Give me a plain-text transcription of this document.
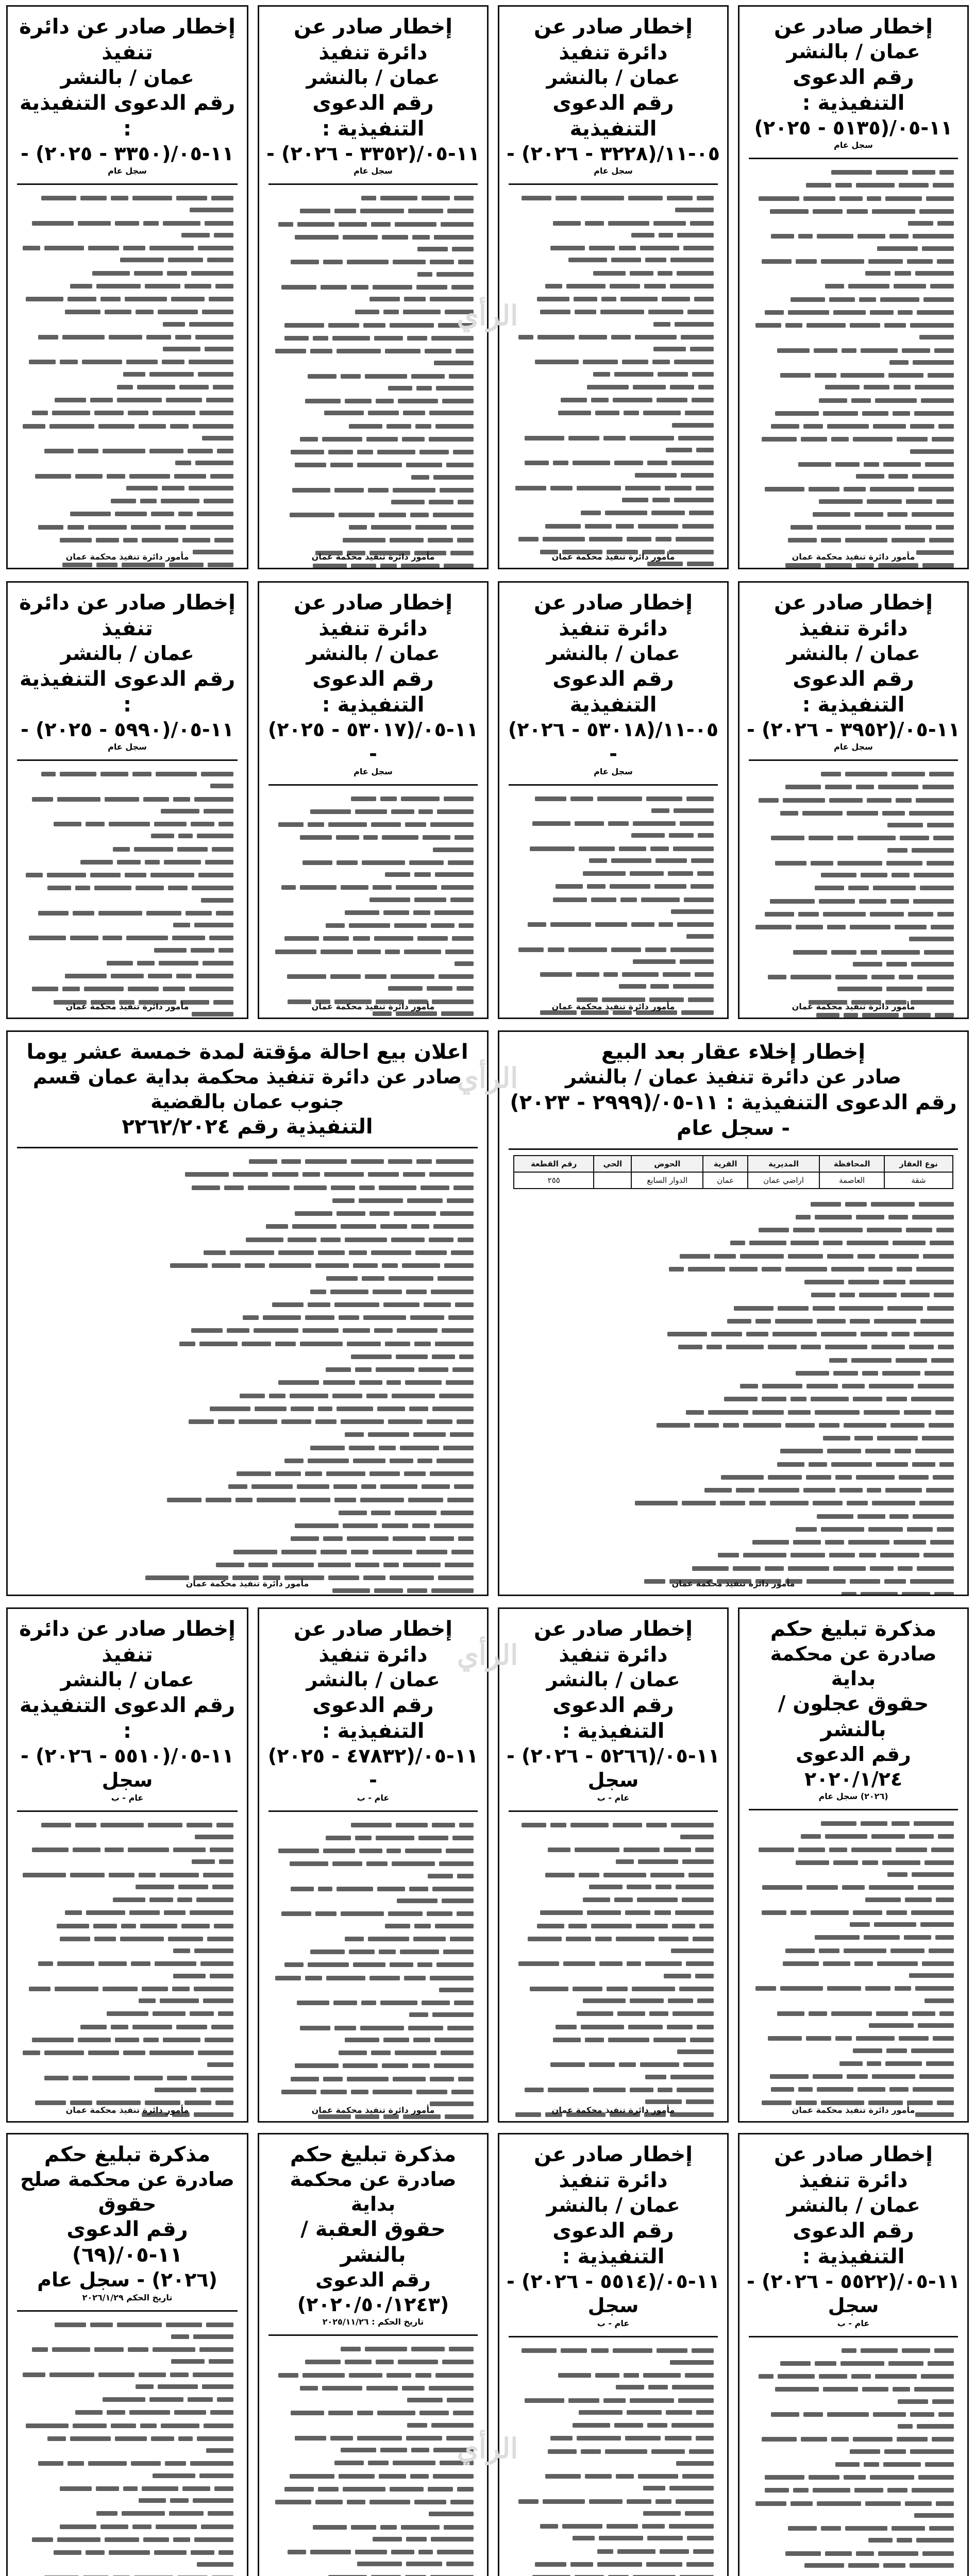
إخطار صادر عن
عمان / بالنشر
رقم الدعوى التنفيذية :
١١-٠٥/(٥١٣٥ - ٢٠٢٥)
سجل عام

مأمور دائرة تنفيذ محكمة عمان
إخطار صادر عن دائرة تنفيذ
عمان / بالنشر
رقم الدعوى التنفيذية
٠٥-١١/(٣٢٢٨ - ٢٠٢٦) -
سجل عام

مأمور دائرة تنفيذ محكمة عمان
إخطار صادر عن دائرة تنفيذ
عمان / بالنشر
رقم الدعوى التنفيذية :
١١-٠٥/(٣٣٥٢ - ٢٠٢٦) -
سجل عام

مأمور دائرة تنفيذ محكمة عمان
إخطار صادر عن دائرة تنفيذ
عمان / بالنشر
رقم الدعوى التنفيذية :
١١-٠٥/(٣٣٥٠ - ٢٠٢٥) -
سجل عام

مأمور دائرة تنفيذ محكمة عمان
إخطار صادر عن دائرة تنفيذ
عمان / بالنشر
رقم الدعوى التنفيذية :
١١-٠٥/(٣٩٥٢ - ٢٠٢٦) -
سجل عام

مأمور دائرة تنفيذ محكمة عمان
إخطار صادر عن دائرة تنفيذ
عمان / بالنشر
رقم الدعوى التنفيذية
٠٥-١١/(٥٣٠١٨ - ٢٠٢٦) -
سجل عام

مأمور دائرة تنفيذ محكمة عمان
إخطار صادر عن دائرة تنفيذ
عمان / بالنشر
رقم الدعوى التنفيذية :
١١-٠٥/(٥٣٠١٧ - ٢٠٢٥) -
سجل عام

مأمور دائرة تنفيذ محكمة عمان
إخطار صادر عن دائرة تنفيذ
عمان / بالنشر
رقم الدعوى التنفيذية :
١١-٠٥/(٥٩٩٠ - ٢٠٢٥) -
سجل عام

مأمور دائرة تنفيذ محكمة عمان
إخطار إخلاء عقار بعد البيع
صادر عن دائرة تنفيذ عمان / بالنشر
رقم الدعوى التنفيذية : ١١-٠٥/(٢٩٩٩ - ٢٠٢٣) - سجل عام
نوع العقار	المحافظة	المديرية	القرية	الحوض	الحي	رقم القطعة
شقة	العاصمة	اراضي عمان	عمان	الدوار السابع		٢٥٥

مأمور دائرة تنفيذ محكمة عمان
اعلان بيع احالة مؤقتة لمدة خمسة عشر يوما
صادر عن دائرة تنفيذ محكمة بداية عمان قسم جنوب عمان بالقضية
التنفيذية رقم ٢٢٦٢/٢٠٢٤

مأمور دائرة تنفيذ محكمة عمان
مذكرة تبليغ حكم
صادرة عن محكمة بداية
حقوق عجلون / بالنشر
رقم الدعوى ٢٠٢٠/١/٢٤
(٢٠٢٦) سجل عام

مأمور دائرة تنفيذ محكمة عمان
إخطار صادر عن دائرة تنفيذ
عمان / بالنشر
رقم الدعوى التنفيذية :
١١-٠٥/(٥٢٦٦ - ٢٠٢٦) - سجل
عام - ب

مأمور دائرة تنفيذ محكمة عمان
إخطار صادر عن دائرة تنفيذ
عمان / بالنشر
رقم الدعوى التنفيذية :
١١-٠٥/(٤٧٨٣٢ - ٢٠٢٥) -
عام - ب

مأمور دائرة تنفيذ محكمة عمان
إخطار صادر عن دائرة تنفيذ
عمان / بالنشر
رقم الدعوى التنفيذية :
١١-٠٥/(٥٥١٠ - ٢٠٢٦) - سجل
عام - ب

مأمور دائرة تنفيذ محكمة عمان
إخطار صادر عن دائرة تنفيذ
عمان / بالنشر
رقم الدعوى التنفيذية :
١١-٠٥/(٥٥٢٢ - ٢٠٢٦) - سجل
عام - ب

إخطار صادر عن دائرة تنفيذ
عمان / بالنشر
رقم الدعوى التنفيذية :
١١-٠٥/(٥٥١٤ - ٢٠٢٦) - سجل
عام - ب

مذكرة تبليغ حكم
صادرة عن محكمة بداية
حقوق العقبة / بالنشر
رقم الدعوى (٢٠٢٠/٥٠/١٢٤٣)
تاريخ الحكم : ٢٠٢٥/١١/٢٦

مذكرة تبليغ حكم
صادرة عن محكمة صلح حقوق
رقم الدعوى ١١-٠٥/(٦٩)
(٢٠٢٦) - سجل عام
تاريخ الحكم ٢٠٢٦/١/٢٩

الرأي
الرأي
الرأي
الرأي
